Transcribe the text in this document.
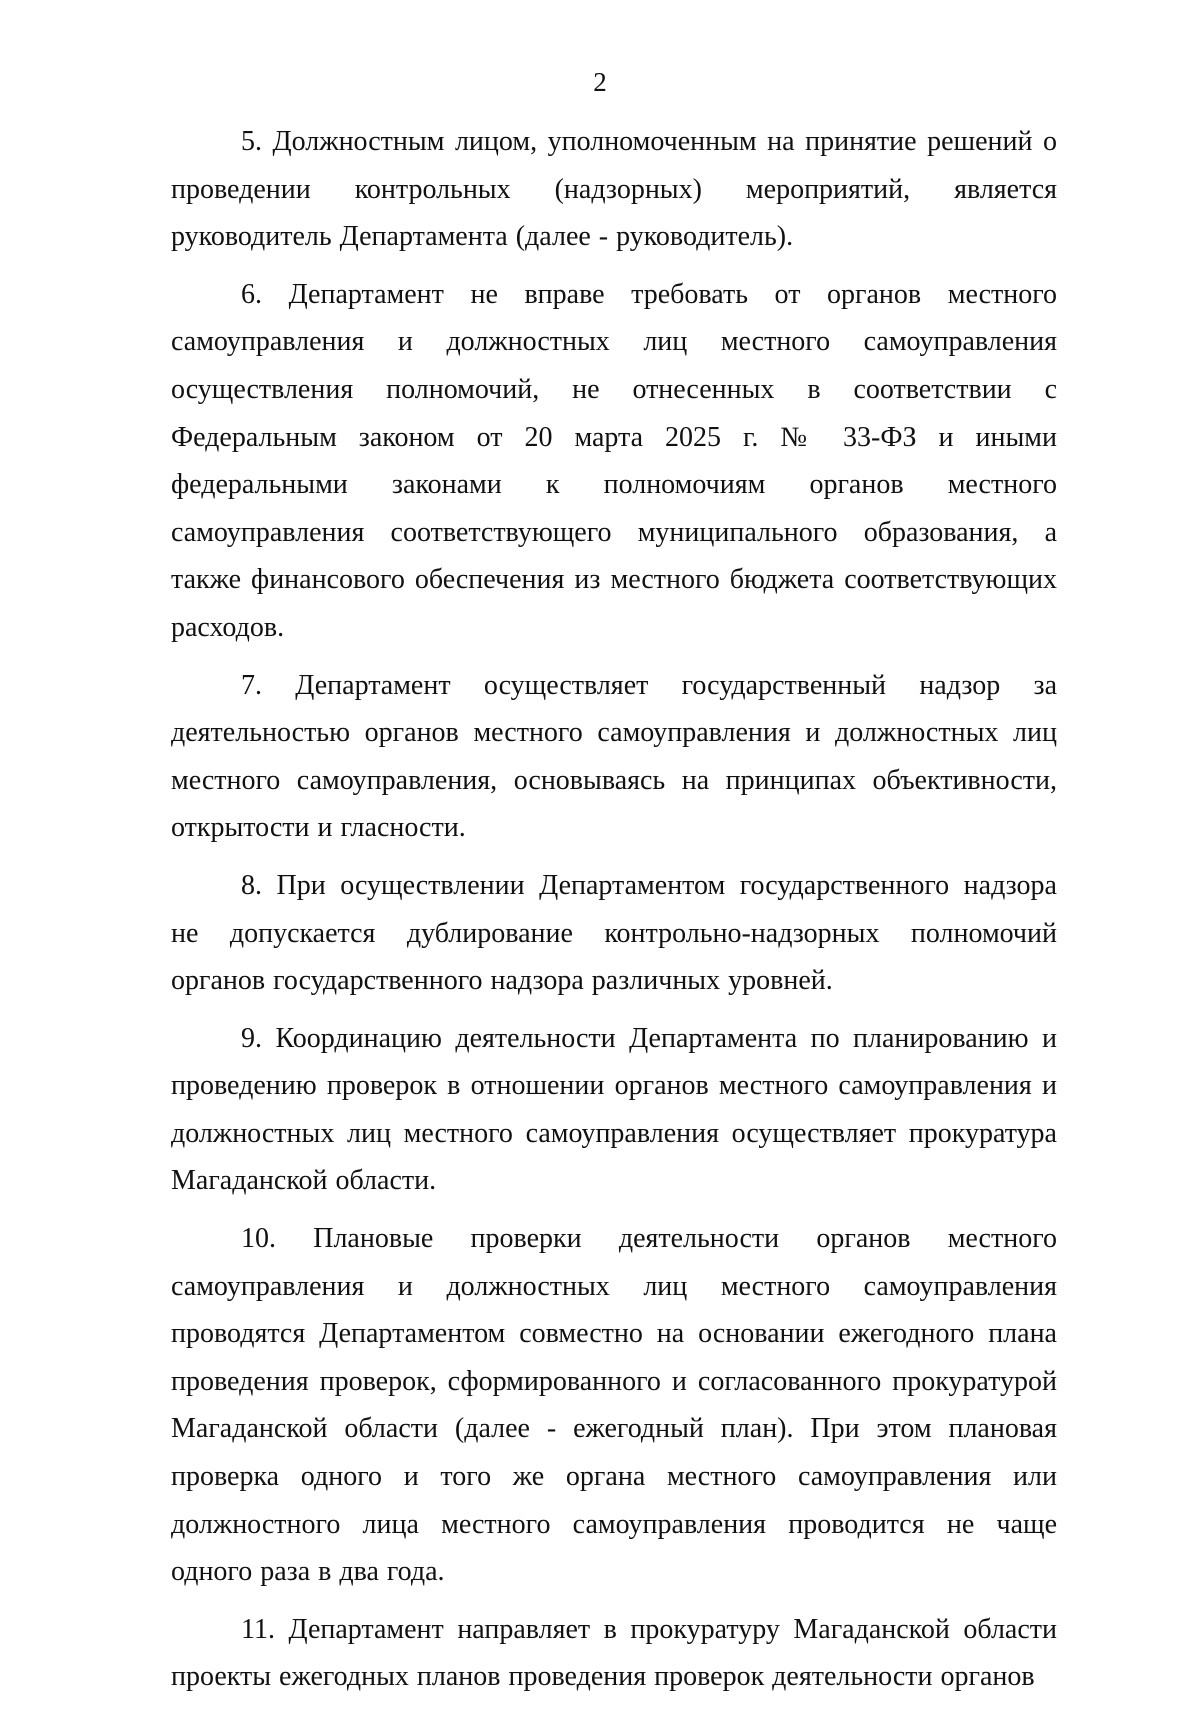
2

5. Должностным лицом, уполномоченным на принятие решений о проведении контрольных (надзорных) мероприятий, является руководитель Департамента (далее - руководитель).

6. Департамент не вправе требовать от органов местного самоуправления и должностных лиц местного самоуправления осуществления полномочий, не отнесенных в соответствии с Федеральным законом от 20 марта 2025 г. № 33-ФЗ и иными федеральными законами к полномочиям органов местного самоуправления соответствующего муниципального образования, а также финансового обеспечения из местного бюджета соответствующих расходов.

7. Департамент осуществляет государственный надзор за деятельностью органов местного самоуправления и должностных лиц местного самоуправления, основываясь на принципах объективности, открытости и гласности.

8. При осуществлении Департаментом государственного надзора не допускается дублирование контрольно-надзорных полномочий органов государственного надзора различных уровней.

9. Координацию деятельности Департамента по планированию и проведению проверок в отношении органов местного самоуправления и должностных лиц местного самоуправления осуществляет прокуратура Магаданской области.

10. Плановые проверки деятельности органов местного самоуправления и должностных лиц местного самоуправления проводятся Департаментом совместно на основании ежегодного плана проведения проверок, сформированного и согласованного прокуратурой Магаданской области (далее - ежегодный план). При этом плановая проверка одного и того же органа местного самоуправления или должностного лица местного самоуправления проводится не чаще одного раза в два года.

11. Департамент направляет в прокуратуру Магаданской области проекты ежегодных планов проведения проверок деятельности органов
